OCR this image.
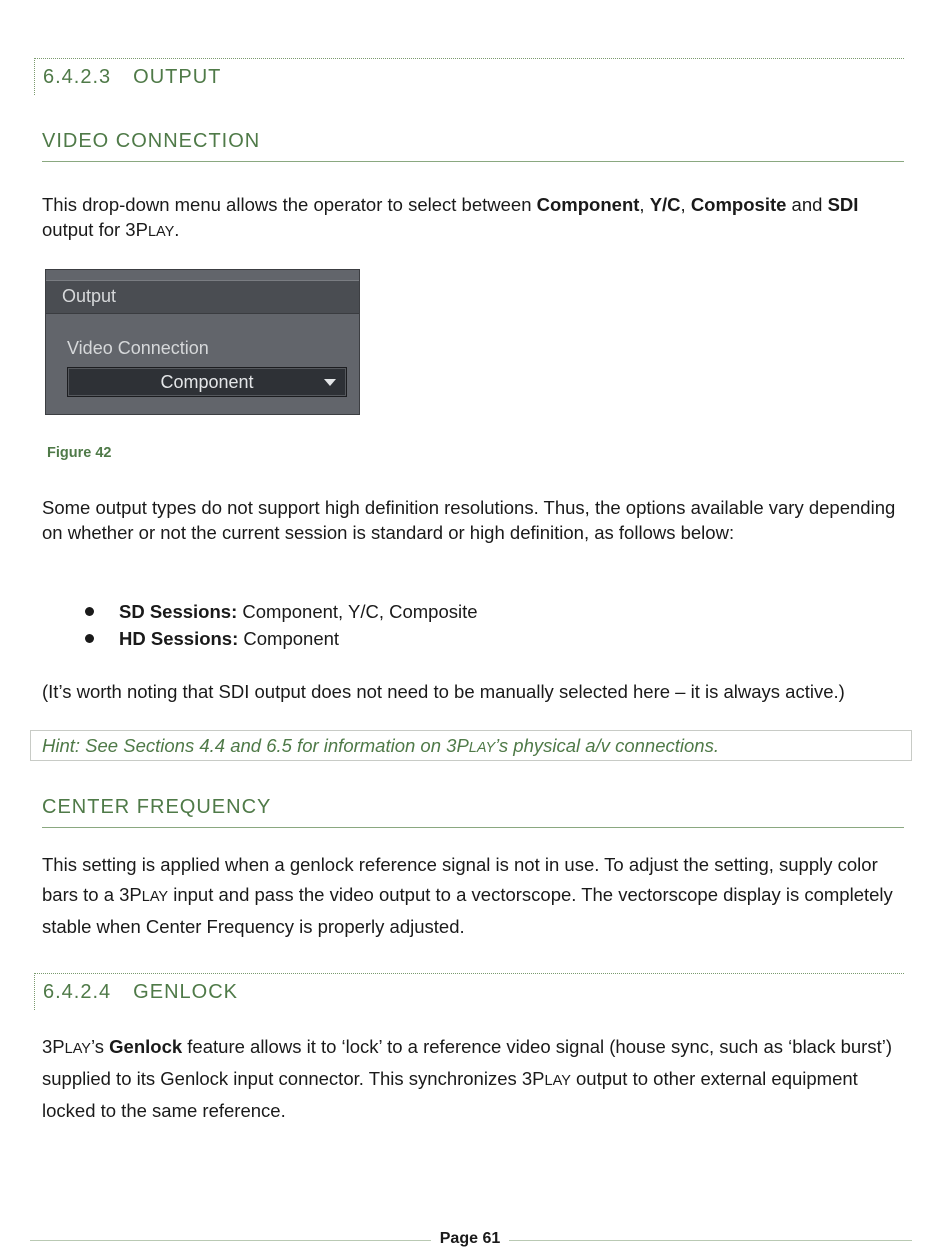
6.4.2.3 OUTPUT
VIDEO CONNECTION
This drop-down menu allows the operator to select between Component, Y/C, Composite and SDI
output for 3PLAY.
Output
Video Connection
Component
Figure 42
Some output types do not support high definition resolutions. Thus, the options available vary depending on whether or not the current session is standard or high definition, as follows below:
SD Sessions: Component, Y/C, Composite
HD Sessions: Component
(It’s worth noting that SDI output does not need to be manually selected here – it is always active.)
Hint: See Sections 4.4 and 6.5 for information on 3PLAY’s physical a/v connections.
CENTER FREQUENCY
This setting is applied when a genlock reference signal is not in use. To adjust the setting, supply color bars to a 3PLAY input and pass the video output to a vectorscope. The vectorscope display is completely stable when Center Frequency is properly adjusted.
6.4.2.4 GENLOCK
3PLAY’s Genlock feature allows it to ‘lock’ to a reference video signal (house sync, such as ‘black burst’) supplied to its Genlock input connector. This synchronizes 3PLAY output to other external equipment locked to the same reference.
Page 61
